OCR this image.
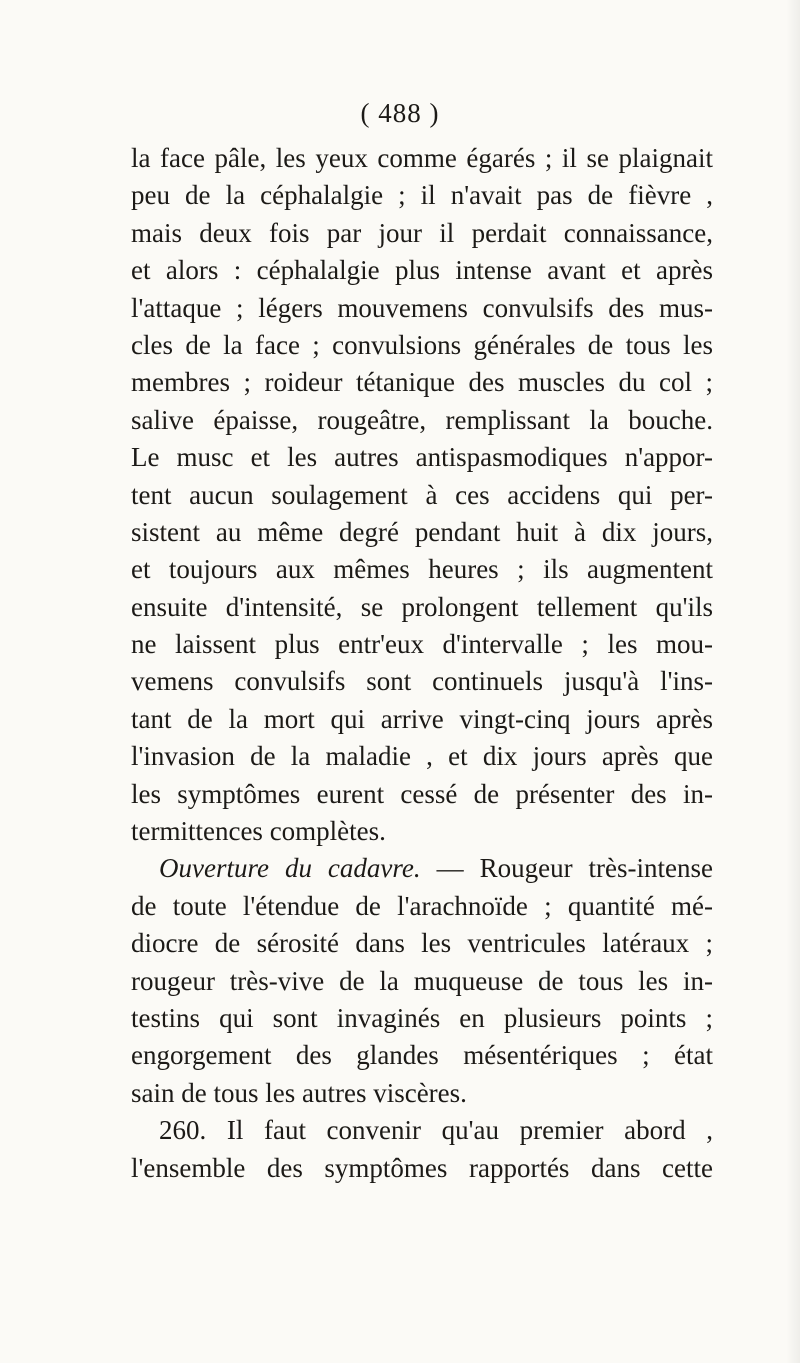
( 488 )
la face pâle, les yeux comme égarés ; il se plaignait
peu de la céphalalgie ; il n'avait pas de fièvre ,
mais deux fois par jour il perdait connaissance,
et alors : céphalalgie plus intense avant et après
l'attaque ; légers mouvemens convulsifs des mus-
cles de la face ; convulsions générales de tous les
membres ; roideur tétanique des muscles du col ;
salive épaisse, rougeâtre, remplissant la bouche.
Le musc et les autres antispasmodiques n'appor-
tent aucun soulagement à ces accidens qui per-
sistent au même degré pendant huit à dix jours,
et toujours aux mêmes heures ; ils augmentent
ensuite d'intensité, se prolongent tellement qu'ils
ne laissent plus entr'eux d'intervalle ; les mou-
vemens convulsifs sont continuels jusqu'à l'ins-
tant de la mort qui arrive vingt-cinq jours après
l'invasion de la maladie , et dix jours après que
les symptômes eurent cessé de présenter des in-
termittences complètes.
Ouverture du cadavre. — Rougeur très-intense
de toute l'étendue de l'arachnoïde ; quantité mé-
diocre de sérosité dans les ventricules latéraux ;
rougeur très-vive de la muqueuse de tous les in-
testins qui sont invaginés en plusieurs points ;
engorgement des glandes mésentériques ; état
sain de tous les autres viscères.
260. Il faut convenir qu'au premier abord ,
l'ensemble des symptômes rapportés dans cette
